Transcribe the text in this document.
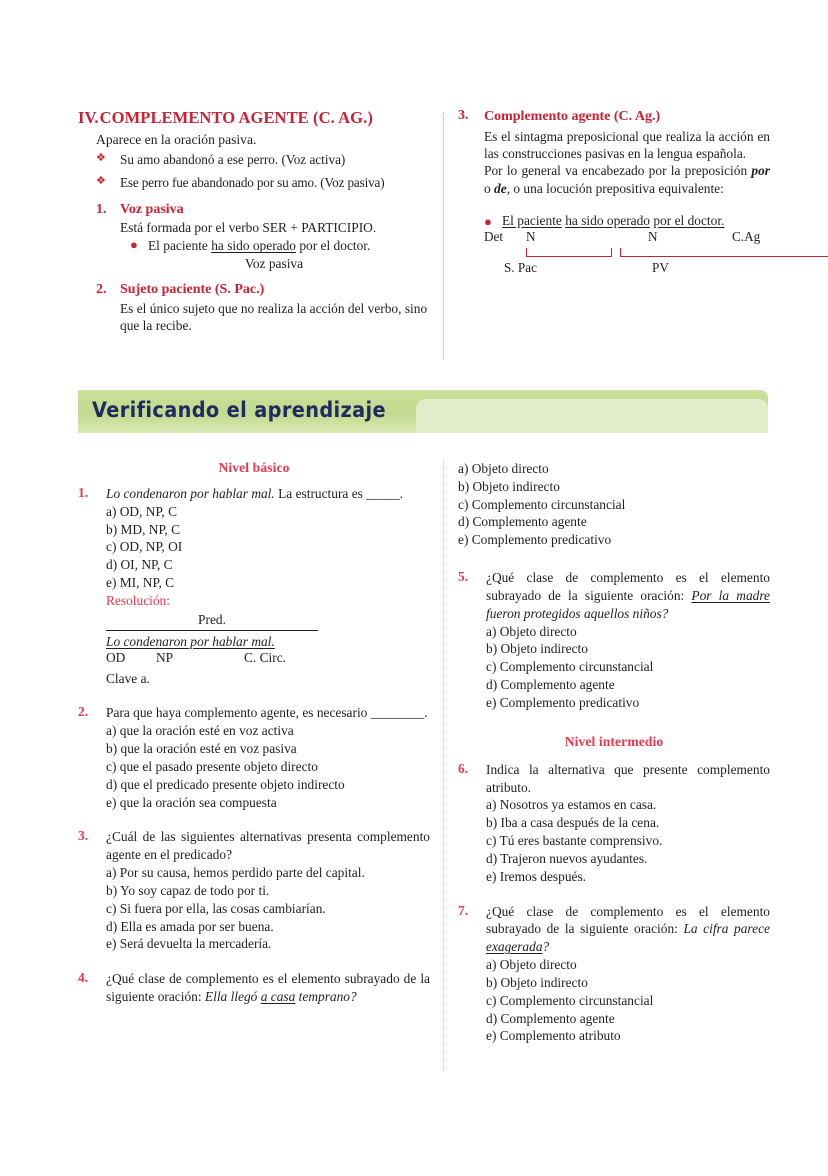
IV.COMPLEMENTO AGENTE (C. AG.)

Aparece en la oración pasiva.

❖ Su amo abandonó a ese perro. (Voz activa)
❖ Ese perro fue abandonado por su amo. (Voz pasiva)
1. Voz pasiva

Está formada por el verbo SER + PARTICIPIO.

● El paciente ha sido operado por el doctor.
Voz pasiva
2. Sujeto paciente (S. Pac.)

Es el único sujeto que no realiza la acción del verbo, sino que la recibe.

3. Complemento agente (C. Ag.)

Es el sintagma preposicional que realiza la acción en las construcciones pasivas en la lengua española.

Por lo general va encabezado por la preposición por o de, o una locución prepositiva equivalente:

● El paciente ha sido operado por el doctor.
Det N	N	C.Ag
S. Pac	PV
Verificando el aprendizaje
Nivel básico
1. Lo condenaron por hablar mal. La estructura es _____.

a) OD, NP, C
b) MD, NP, C
c) OD, NP, OI
d) OI, NP, C
e) MI, NP, C
Resolución:
Pred.
Lo condenaron por hablar mal.
OD NP	C. Circ.
Clave a.
2. Para que haya complemento agente, es necesario ________.

a) que la oración esté en voz activa
b) que la oración esté en voz pasiva
c) que el pasado presente objeto directo
d) que el predicado presente objeto indirecto
e) que la oración sea compuesta
3. ¿Cuál de las siguientes alternativas presenta complemento agente en el predicado?

a) Por su causa, hemos perdido parte del capital.
b) Yo soy capaz de todo por ti.
c) Si fuera por ella, las cosas cambiarían.
d) Ella es amada por ser buena.
e) Será devuelta la mercadería.
4. ¿Qué clase de complemento es el elemento subrayado de la siguiente oración: Ella llegó a casa temprano?

a) Objeto directo
b) Objeto indirecto
c) Complemento circunstancial
d) Complemento agente
e) Complemento predicativo
5. ¿Qué clase de complemento es el elemento subrayado de la siguiente oración: Por la madre fueron protegidos aquellos niños?

a) Objeto directo
b) Objeto indirecto
c) Complemento circunstancial
d) Complemento agente
e) Complemento predicativo
Nivel intermedio
6. Indica la alternativa que presente complemento atributo.

a) Nosotros ya estamos en casa.
b) Iba a casa después de la cena.
c) Tú eres bastante comprensivo.
d) Trajeron nuevos ayudantes.
e) Iremos después.
7. ¿Qué clase de complemento es el elemento subrayado de la siguiente oración: La cifra parece exagerada?

a) Objeto directo
b) Objeto indirecto
c) Complemento circunstancial
d) Complemento agente
e) Complemento atributo
